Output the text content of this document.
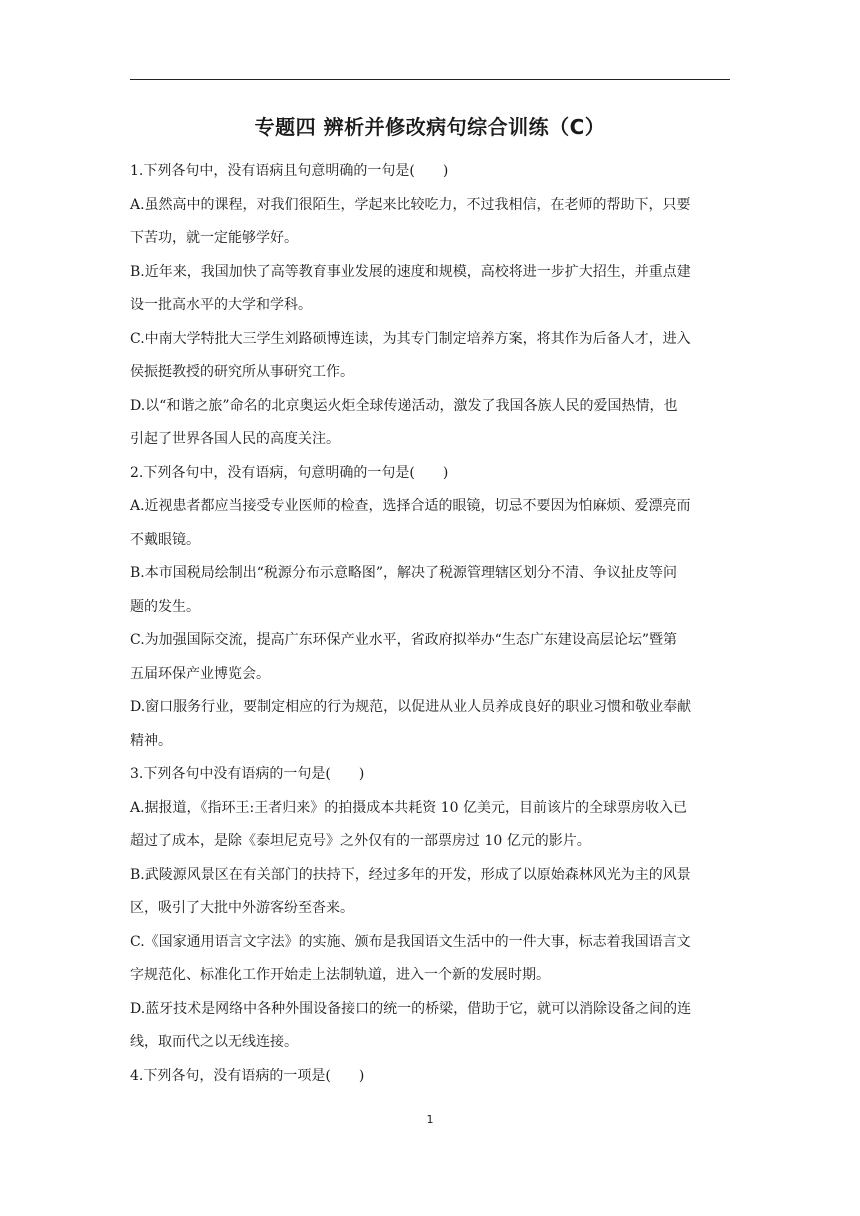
专题四 辨析并修改病句综合训练（C）

1.下列各句中，没有语病且句意明确的一句是(　　)

A.虽然高中的课程，对我们很陌生，学起来比较吃力，不过我相信，在老师的帮助下，只要

下苦功，就一定能够学好。

B.近年来，我国加快了高等教育事业发展的速度和规模，高校将进一步扩大招生，并重点建

设一批高水平的大学和学科。

C.中南大学特批大三学生刘路硕博连读，为其专门制定培养方案，将其作为后备人才，进入

侯振挺教授的研究所从事研究工作。

D.以“和谐之旅”命名的北京奥运火炬全球传递活动，激发了我国各族人民的爱国热情，也

引起了世界各国人民的高度关注。

2.下列各句中，没有语病，句意明确的一句是(　　)

A.近视患者都应当接受专业医师的检查，选择合适的眼镜，切忌不要因为怕麻烦、爱漂亮而

不戴眼镜。

B.本市国税局绘制出“税源分布示意略图”，解决了税源管理辖区划分不清、争议扯皮等问

题的发生。

C.为加强国际交流，提高广东环保产业水平，省政府拟举办“生态广东建设高层论坛”暨第

五届环保产业博览会。

D.窗口服务行业，要制定相应的行为规范，以促进从业人员养成良好的职业习惯和敬业奉献

精神。

3.下列各句中没有语病的一句是(　　)

A.据报道，《指环王:王者归来》的拍摄成本共耗资 10 亿美元，目前该片的全球票房收入已

超过了成本，是除《泰坦尼克号》之外仅有的一部票房过 10 亿元的影片。

B.武陵源风景区在有关部门的扶持下，经过多年的开发，形成了以原始森林风光为主的风景

区，吸引了大批中外游客纷至沓来。

C.《国家通用语言文字法》的实施、颁布是我国语文生活中的一件大事，标志着我国语言文

字规范化、标准化工作开始走上法制轨道，进入一个新的发展时期。

D.蓝牙技术是网络中各种外围设备接口的统一的桥梁，借助于它，就可以消除设备之间的连

线，取而代之以无线连接。

4.下列各句，没有语病的一项是(　　)

1
